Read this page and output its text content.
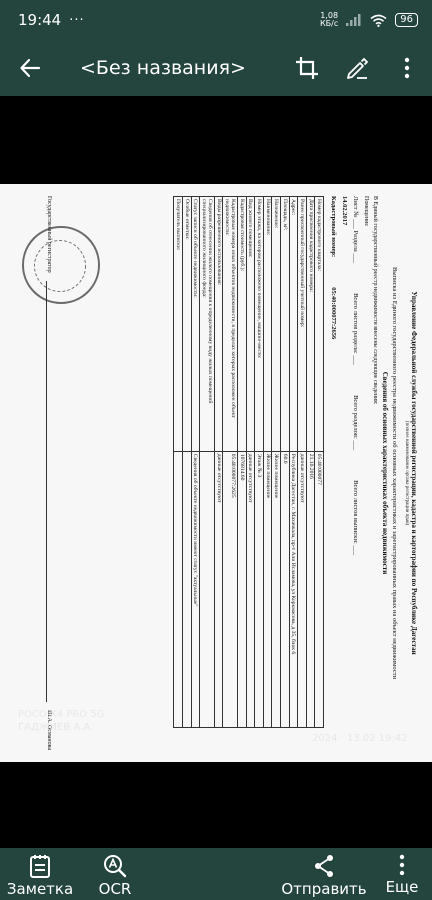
19:44 ···	1,08
КБ/с	96
<Без названия>
Управление Федеральной службы государственной регистрации, кадастра и картографии по Республике Дагестан
(полное наименование органа регистрации прав)
Выписка из Единого государственного реестра недвижимости об основных характеристиках и зарегистрированных правах на объект недвижимости
Сведения об основных характеристиках объекта недвижимости
В Единый государственный реестр недвижимости внесены следующие сведения:
Помещение
Лист № ___ Раздела ___
Всего листов раздела: ___
Всего разделов: ___
Всего листов выписки: ___
14.02.2017
Кадастровый номер:
05:40:000077:2656
Номер кадастрового квартала:	05:40:000077
Дата присвоения кадастрового номера:	21.10.2016
Ранее присвоенный государственный учетный номер:	данные отсутствуют
Адрес:	Республика Дагестан, г. Махачкала, пр-т Али Исламова, ул Коркмасова, д 35, блок 6
Площадь, м²:	60.0
Назначение:	Жилое помещение
Наименование:	Жилое помещение
Номер этажа, на котором расположено помещение, машино-место:	Этаж № 3
Вид жилого помещения:	данные отсутствуют
Кадастровая стоимость (руб.):	1076814.60
Кадастровые номера иных объектов недвижимости, в пределах которых расположен объект недвижимости:	05:40:000077:2625
Виды разрешенного использования:	данные отсутствуют
Сведения об отнесении жилого помещения к определенному виду жилых помещений специализированного жилищного фонда:	
Статус записи об объекте недвижимости:	Сведения об объекте недвижимости имеют статус "актуальные"
Особые отметки:	
Получатель выписки:	
Государственный регистратор
Ш.А. Османова
POCO X4 PRO 5G
ГАДЖИЕВ А.А.
2024 · 13.02 19:42
Заметка OCR	Отправить Еще
